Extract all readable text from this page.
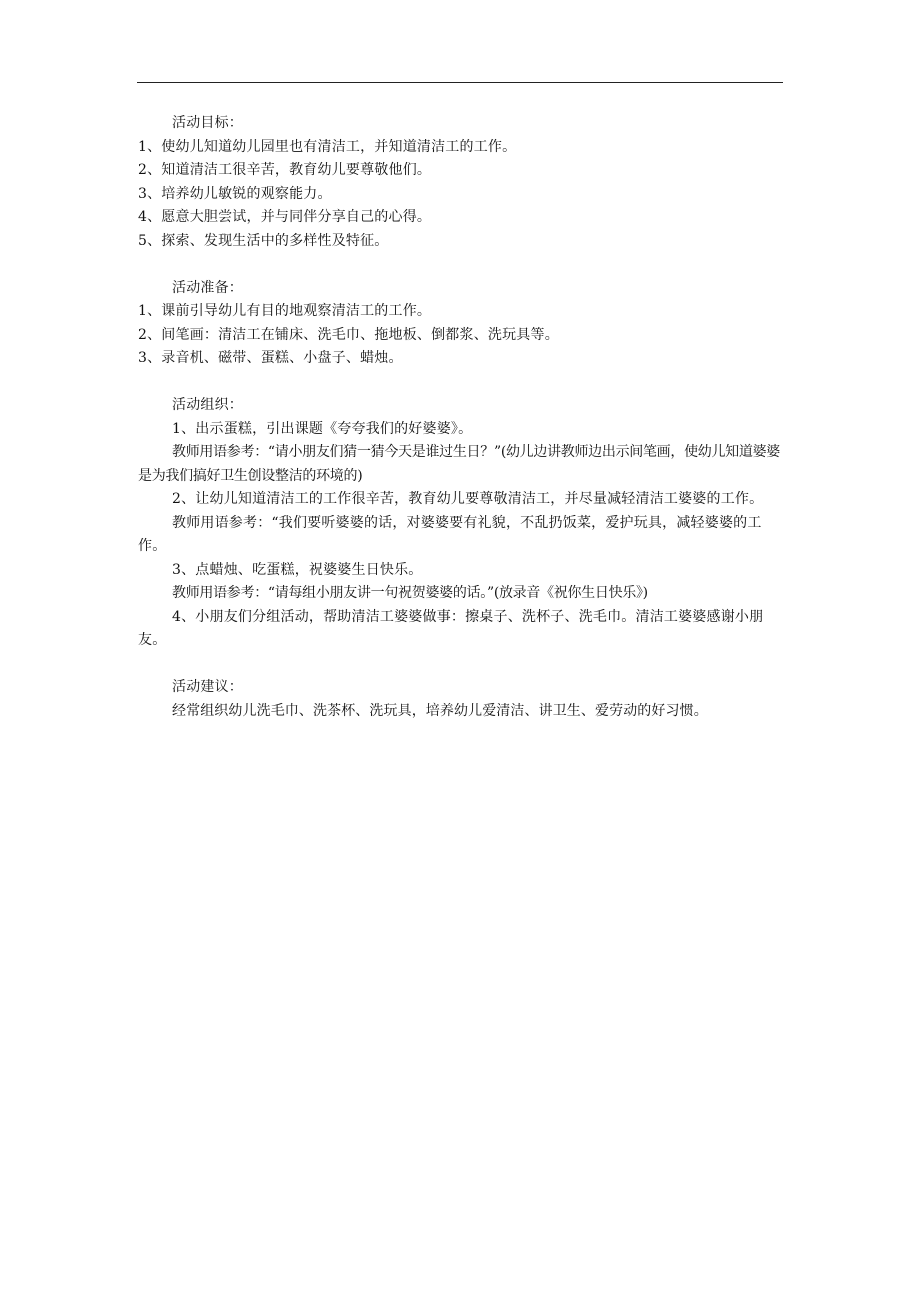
活动目标：
1、使幼儿知道幼儿园里也有清洁工，并知道清洁工的工作。
2、知道清洁工很辛苦，教育幼儿要尊敬他们。
3、培养幼儿敏锐的观察能力。
4、愿意大胆尝试，并与同伴分享自己的心得。
5、探索、发现生活中的多样性及特征。
活动准备：
1、课前引导幼儿有目的地观察清洁工的工作。
2、间笔画：清洁工在铺床、洗毛巾、拖地板、倒都浆、洗玩具等。
3、录音机、磁带、蛋糕、小盘子、蜡烛。
活动组织：
1、出示蛋糕，引出课题《夸夸我们的好婆婆》。
教师用语参考：“请小朋友们猜一猜今天是谁过生日？”(幼儿边讲教师边出示间笔画，使幼儿知道婆婆是为我们搞好卫生创设整洁的环境的)
2、让幼儿知道清洁工的工作很辛苦，教育幼儿要尊敬清洁工，并尽量减轻清洁工婆婆的工作。
教师用语参考：“我们要听婆婆的话，对婆婆要有礼貌，不乱扔饭菜，爱护玩具，减轻婆婆的工作。
3、点蜡烛、吃蛋糕，祝婆婆生日快乐。
教师用语参考：“请每组小朋友讲一句祝贺婆婆的话。”(放录音《祝你生日快乐》)
4、小朋友们分组活动，帮助清洁工婆婆做事：擦桌子、洗杯子、洗毛巾。清洁工婆婆感谢小朋友。
活动建议：
经常组织幼儿洗毛巾、洗茶杯、洗玩具，培养幼儿爱清洁、讲卫生、爱劳动的好习惯。
